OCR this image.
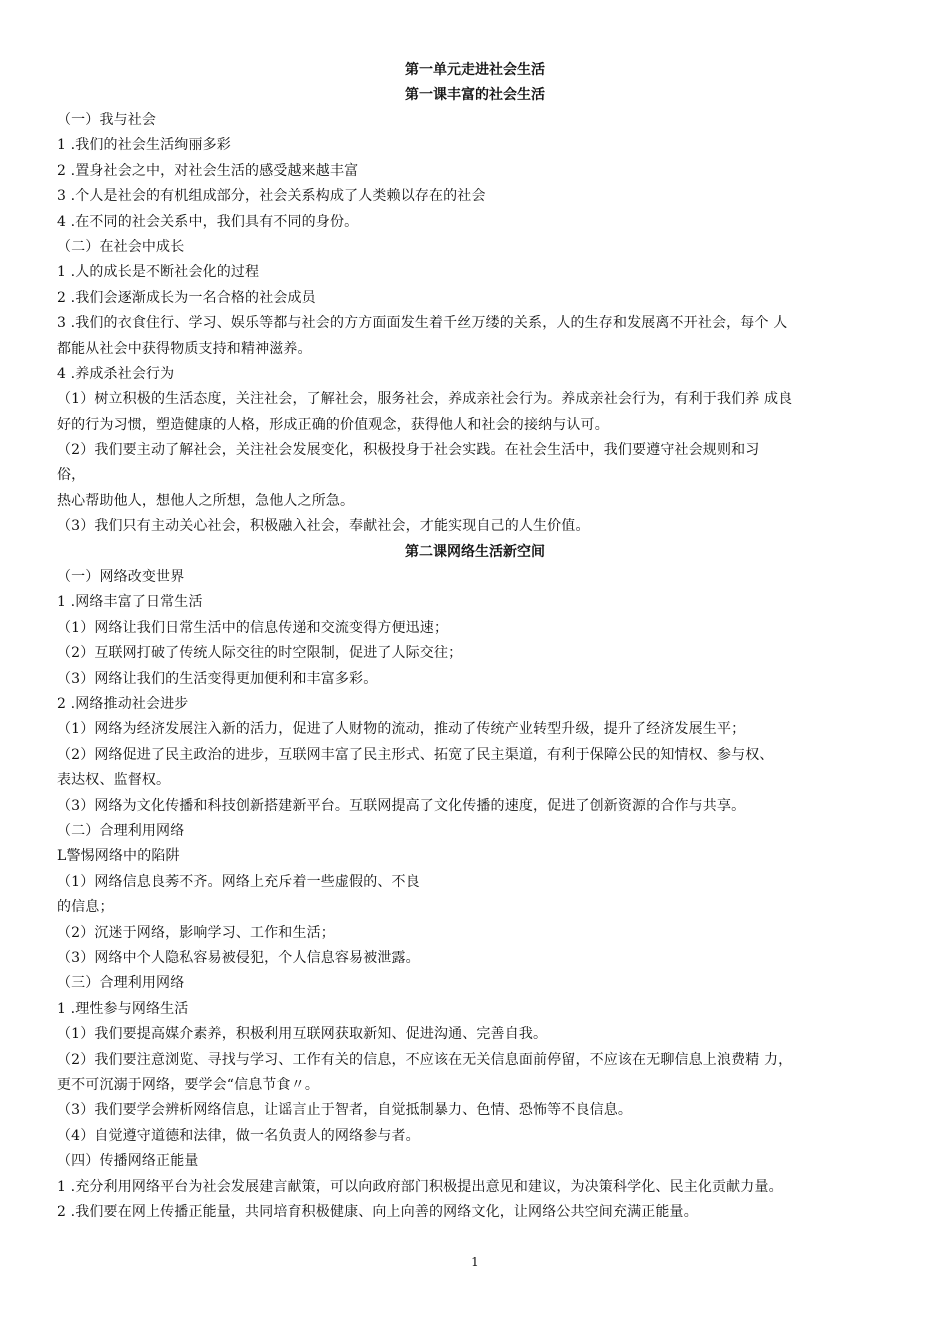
第一单元走进社会生活
第一课丰富的社会生活
（一）我与社会
1 .我们的社会生活绚丽多彩
2 .置身社会之中，对社会生活的感受越来越丰富
3 .个人是社会的有机组成部分，社会关系构成了人类赖以存在的社会
4 .在不同的社会关系中，我们具有不同的身份。
（二）在社会中成长
1 .人的成长是不断社会化的过程
2 .我们会逐渐成长为一名合格的社会成员
3 .我们的衣食住行、学习、娱乐等都与社会的方方面面发生着千丝万缕的关系，人的生存和发展离不开社会，每个 人
都能从社会中获得物质支持和精神滋养。
4 .养成杀社会行为
（1）树立积极的生活态度，关注社会，了解社会，服务社会，养成亲社会行为。养成亲社会行为，有利于我们养 成良
好的行为习惯，塑造健康的人格，形成正确的价值观念，获得他人和社会的接纳与认可。
（2）我们要主动了解社会，关注社会发展变化，积极投身于社会实践。在社会生活中，我们要遵守社会规则和习
俗，
热心帮助他人，想他人之所想，急他人之所急。
（3）我们只有主动关心社会，积极融入社会，奉献社会，才能实现自己的人生价值。
第二课网络生活新空间
（一）网络改变世界
1 .网络丰富了日常生活
（1）网络让我们日常生活中的信息传递和交流变得方便迅速；
（2）互联网打破了传统人际交往的时空限制，促进了人际交往；
（3）网络让我们的生活变得更加便利和丰富多彩。
2 .网络推动社会进步
（1）网络为经济发展注入新的活力，促进了人财物的流动，推动了传统产业转型升级，提升了经济发展生平；
（2）网络促进了民主政治的进步，互联网丰富了民主形式、拓宽了民主渠道，有利于保障公民的知情权、参与权、
表达权、监督权。
（3）网络为文化传播和科技创新搭建新平台。互联网提高了文化传播的速度，促进了创新资源的合作与共享。
（二）合理利用网络
L警惕网络中的陷阱
（1）网络信息良莠不齐。网络上充斥着一些虚假的、不良
的信息；
（2）沉迷于网络，影响学习、工作和生活；
（3）网络中个人隐私容易被侵犯，个人信息容易被泄露。
（三）合理利用网络
1 .理性参与网络生活
（1）我们要提高媒介素养，积极利用互联网获取新知、促进沟通、完善自我。
（2）我们要注意浏览、寻找与学习、工作有关的信息，不应该在无关信息面前停留，不应该在无聊信息上浪费精 力，
更不可沉溺于网络，要学会“信息节食〃。
（3）我们要学会辨析网络信息，让谣言止于智者，自觉抵制暴力、色情、恐怖等不良信息。
（4）自觉遵守道德和法律，做一名负责人的网络参与者。
（四）传播网络正能量
1 .充分利用网络平台为社会发展建言献策，可以向政府部门积极提出意见和建议，为决策科学化、民主化贡献力量。
2 .我们要在网上传播正能量，共同培育积极健康、向上向善的网络文化，让网络公共空间充满正能量。
1
